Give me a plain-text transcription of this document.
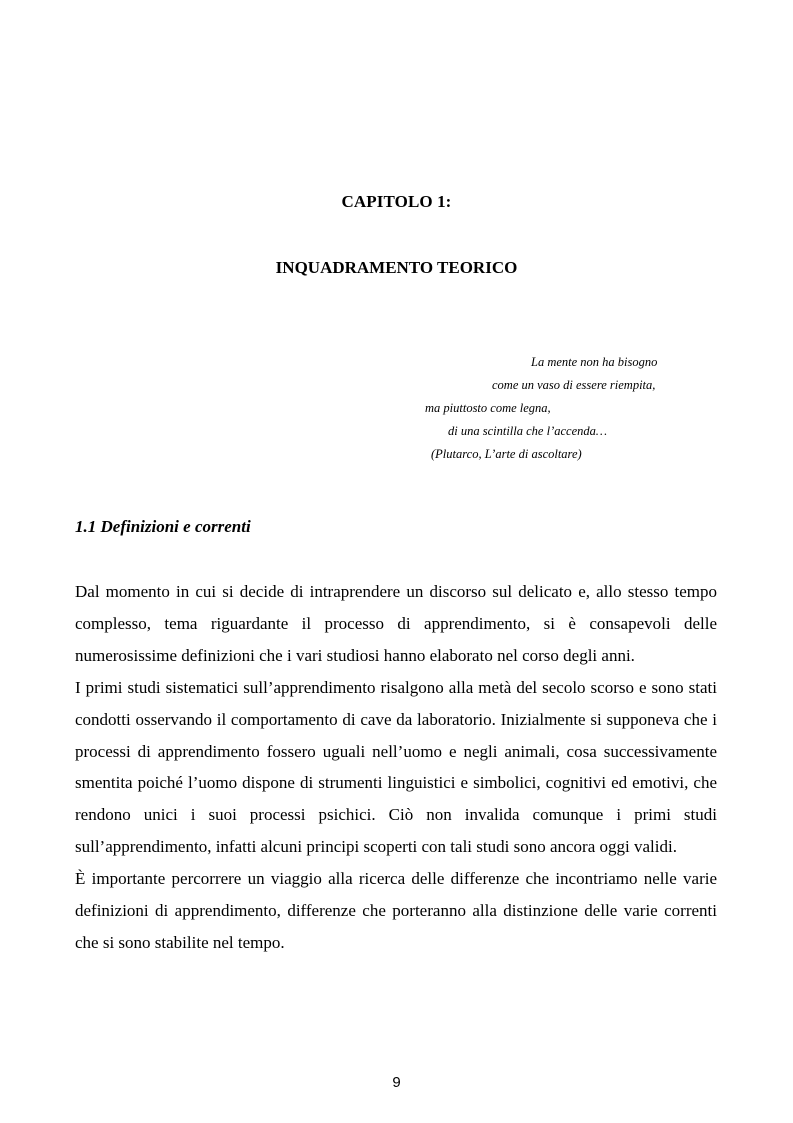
CAPITOLO 1:
INQUADRAMENTO TEORICO
La mente non ha bisogno
come un vaso di essere riempita,
ma piuttosto come legna,
di una scintilla che l’accenda…
(Plutarco, L’arte di ascoltare)
1.1 Definizioni e correnti

Dal momento in cui si decide di intraprendere un discorso sul delicato e, allo stesso tempo complesso, tema riguardante il processo di apprendimento, si è consapevoli delle numerosissime definizioni che i vari studiosi hanno elaborato nel corso degli anni.

I primi studi sistematici sull’apprendimento risalgono alla metà del secolo scorso e sono stati condotti osservando il comportamento di cave da laboratorio. Inizialmente si supponeva che i processi di apprendimento fossero uguali nell’uomo e negli animali, cosa successivamente smentita poiché l’uomo dispone di strumenti linguistici e simbolici, cognitivi ed emotivi, che rendono unici i suoi processi psichici. Ciò non invalida comunque i primi studi sull’apprendimento, infatti alcuni principi scoperti con tali studi sono ancora oggi validi.

È importante percorrere un viaggio alla ricerca delle differenze che incontriamo nelle varie definizioni di apprendimento, differenze che porteranno alla distinzione delle varie correnti che si sono stabilite nel tempo.

9
